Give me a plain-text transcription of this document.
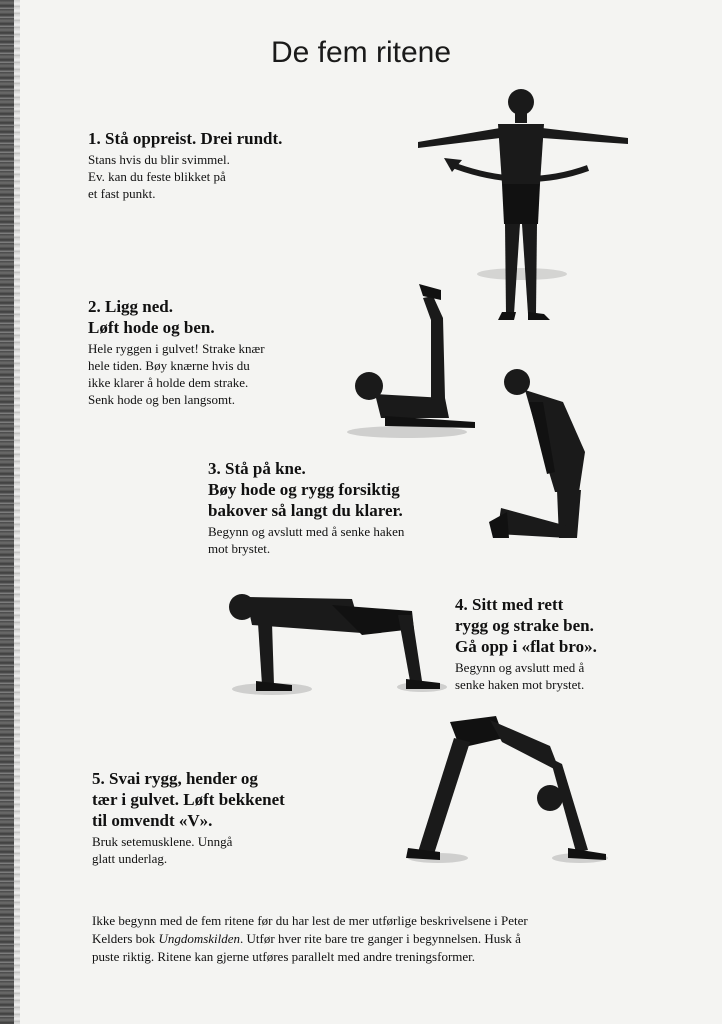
De fem ritene
1. Stå oppreist. Drei rundt.
Stans hvis du blir svimmel.
Ev. kan du feste blikket på
et fast punkt.
2. Ligg ned.
Løft hode og ben.
Hele ryggen i gulvet! Strake knær
hele tiden. Bøy knærne hvis du
ikke klarer å holde dem strake.
Senk hode og ben langsomt.
3. Stå på kne.
Bøy hode og rygg forsiktig
bakover så langt du klarer.
Begynn og avslutt med å senke haken
mot brystet.
4. Sitt med rett
rygg og strake ben.
Gå opp i «flat bro».
Begynn og avslutt med å
senke haken mot brystet.
5. Svai rygg, hender og
tær i gulvet. Løft bekkenet
til omvendt «V».
Bruk setemusklene. Unngå
glatt underlag.
Ikke begynn med de fem ritene før du har lest de mer utførlige beskrivelsene i Peter
Kelders bok Ungdomskilden. Utfør hver rite bare tre ganger i begynnelsen. Husk å
puste riktig. Ritene kan gjerne utføres parallelt med andre treningsformer.
